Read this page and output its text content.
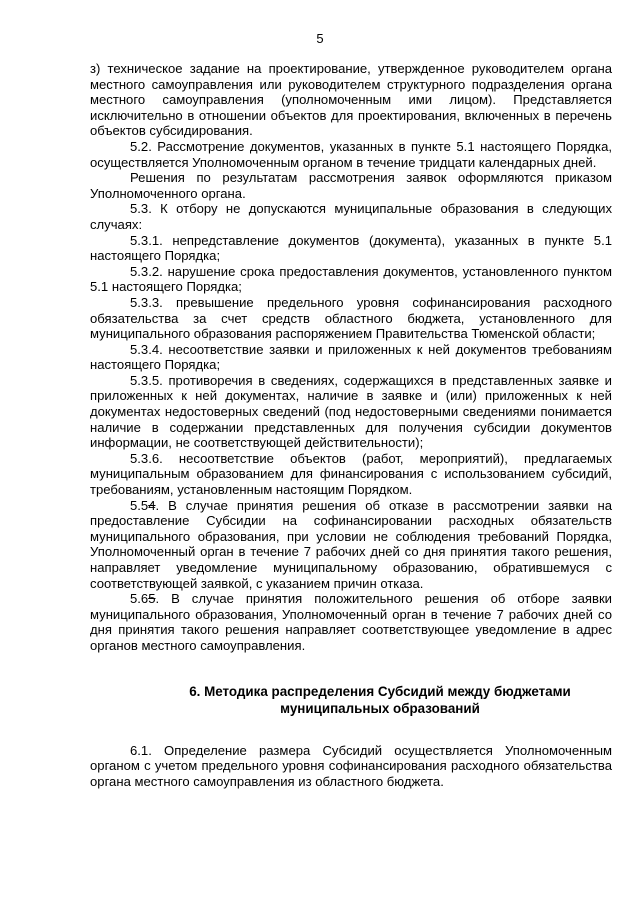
5

з) техническое задание на проектирование, утвержденное руководителем органа местного самоуправления или руководителем структурного подразделения органа местного самоуправления (уполномоченным ими лицом). Представляется исключительно в отношении объектов для проектирования, включенных в перечень объектов субсидирования.

5.2. Рассмотрение документов, указанных в пункте 5.1 настоящего Порядка, осуществляется Уполномоченным органом в течение тридцати календарных дней.

Решения по результатам рассмотрения заявок оформляются приказом Уполномоченного органа.

5.3. К отбору не допускаются муниципальные образования в следующих случаях:

5.3.1. непредставление документов (документа), указанных в пункте 5.1 настоящего Порядка;

5.3.2. нарушение срока предоставления документов, установленного пунктом 5.1 настоящего Порядка;

5.3.3. превышение предельного уровня софинансирования расходного обязательства за счет средств областного бюджета, установленного для муниципального образования распоряжением Правительства Тюменской области;

5.3.4. несоответствие заявки и приложенных к ней документов требованиям настоящего Порядка;

5.3.5. противоречия в сведениях, содержащихся в представленных заявке и приложенных к ней документах, наличие в заявке и (или) приложенных к ней документах недостоверных сведений (под недостоверными сведениями понимается наличие в содержании представленных для получения субсидии документов информации, не соответствующей действительности);

5.3.6. несоответствие объектов (работ, мероприятий), предлагаемых муниципальным образованием для финансирования с использованием субсидий, требованиям, установленным настоящим Порядком.

5.54. В случае принятия решения об отказе в рассмотрении заявки на предоставление Субсидии на софинансировании расходных обязательств муниципального образования, при условии не соблюдения требований Порядка, Уполномоченный орган в течение 7 рабочих дней со дня принятия такого решения, направляет уведомление муниципальному образованию, обратившемуся с соответствующей заявкой, с указанием причин отказа.

5.65. В случае принятия положительного решения об отборе заявки муниципального образования, Уполномоченный орган в течение 7 рабочих дней со дня принятия такого решения направляет соответствующее уведомление в адрес органов местного самоуправления.

6. Методика распределения Субсидий между бюджетами
муниципальных образований

6.1. Определение размера Субсидий осуществляется Уполномоченным органом с учетом предельного уровня софинансирования расходного обязательства органа местного самоуправления из областного бюджета.
